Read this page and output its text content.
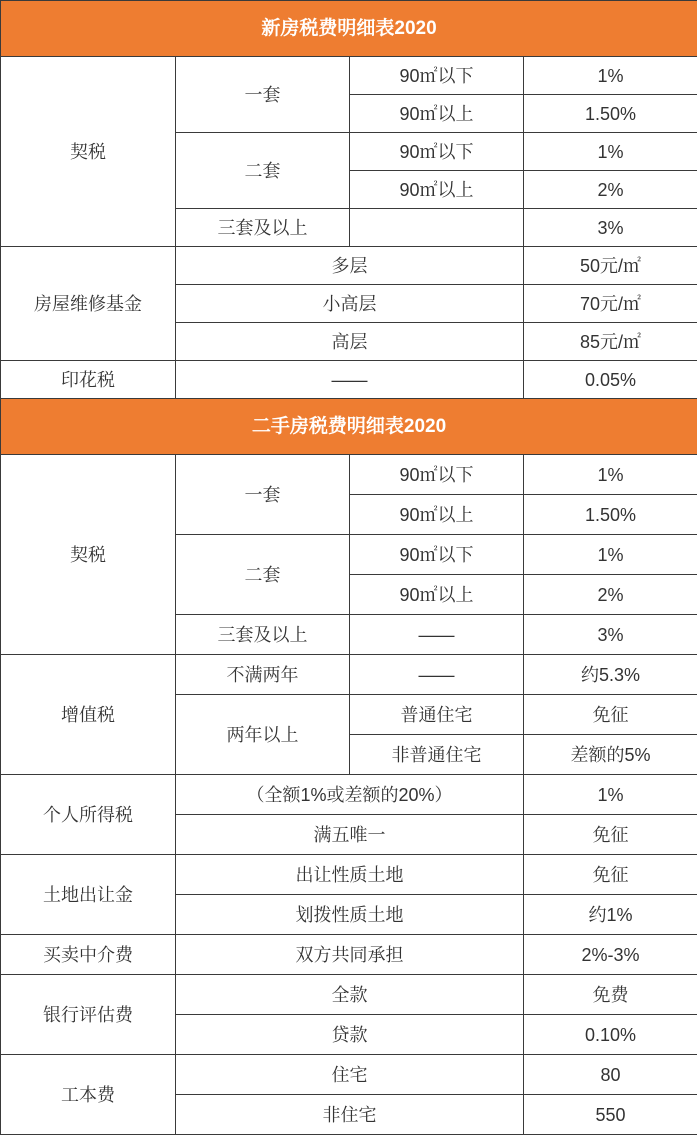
新房税费明细表2020			
契税	一套	90㎡以下	1%
		90㎡以上	1.50%
	二套	90㎡以下	1%
		90㎡以上	2%
	三套及以上		3%
房屋维修基金	多层		50元/㎡
	小高层		70元/㎡
	高层		85元/㎡
印花税	——		0.05%
二手房税费明细表2020			
契税	一套	90㎡以下	1%
		90㎡以上	1.50%
	二套	90㎡以下	1%
		90㎡以上	2%
	三套及以上	——	3%
增值税	不满两年	——	约5.3%
	两年以上	普通住宅	免征
		非普通住宅	差额的5%
个人所得税	（全额1%或差额的20%）		1%
	满五唯一		免征
土地出让金	出让性质土地		免征
	划拨性质土地		约1%
买卖中介费	双方共同承担		2%-3%
银行评估费	全款		免费
	贷款		0.10%
工本费	住宅		80
	非住宅		550
